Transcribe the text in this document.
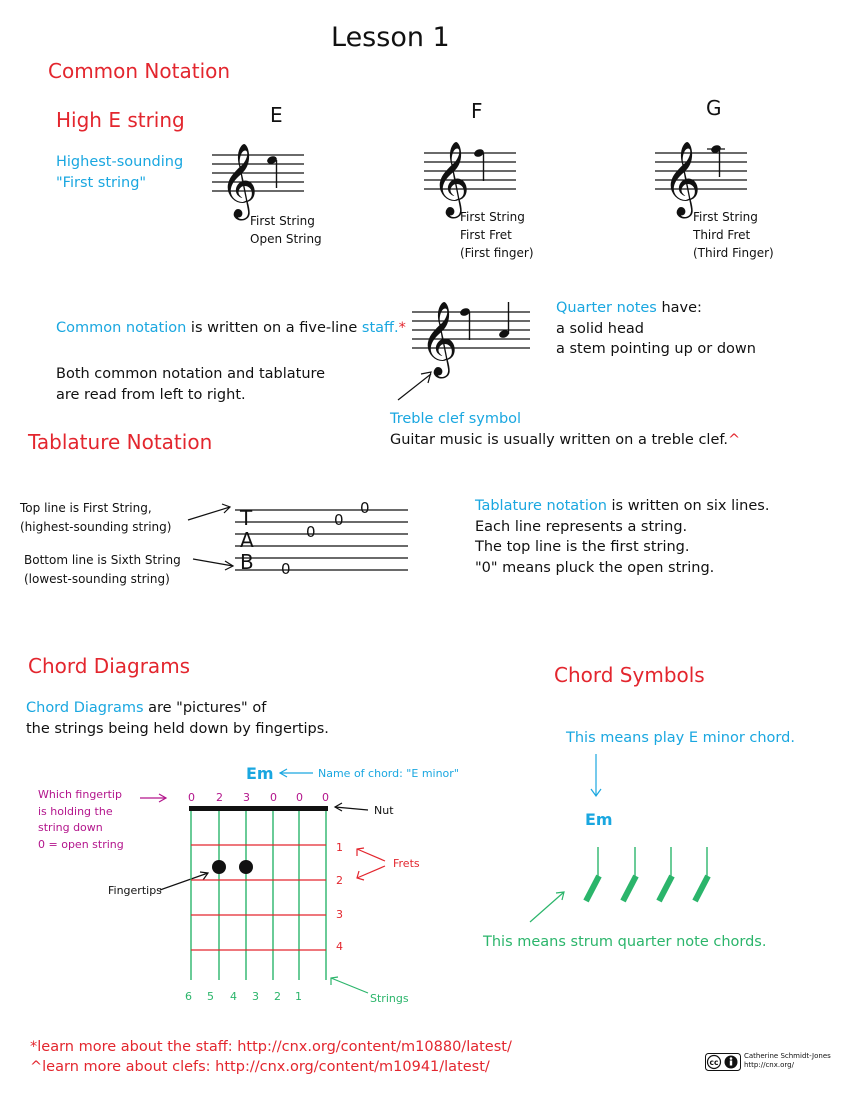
Lesson 1
Common Notation
High E string
Highest-sounding
"First string"
E	F	G
𝄞
First String
Open String
𝄞
First String
First Fret
(First finger)
𝄞
First String
Third Fret
(Third Finger)
Common notation is written on a five-line staff.*
Both common notation and tablature
are read from left to right.
𝄞	Quarter notes have:
a solid head
a stem pointing up or down
Treble clef symbol
Guitar music is usually written on a treble clef.^
Tablature Notation
Top line is First String,
(highest-sounding string)
Bottom line is Sixth String
(lowest-sounding string)
T
A
B 0
0
0
0	Tablature notation is written on six lines.
Each line represents a string.
The top line is the first string.
"0" means pluck the open string.
Chord Diagrams
Chord Diagrams are "pictures" of
the strings being held down by fingertips.
Em	Name of chord: "E minor"
Which fingertip
is holding the
string down
0 = open string
0 2 3 0 0 0
Nut
1
2
3
4
Frets
Fingertips
6 5 4 3 2 1	Strings
Chord Symbols
This means play E minor chord.
Em
This means strum quarter note chords.
*learn more about the staff: http://cnx.org/content/m10880/latest/
^learn more about clefs: http://cnx.org/content/m10941/latest/	cc
Catherine Schmidt-Jones
http://cnx.org/
